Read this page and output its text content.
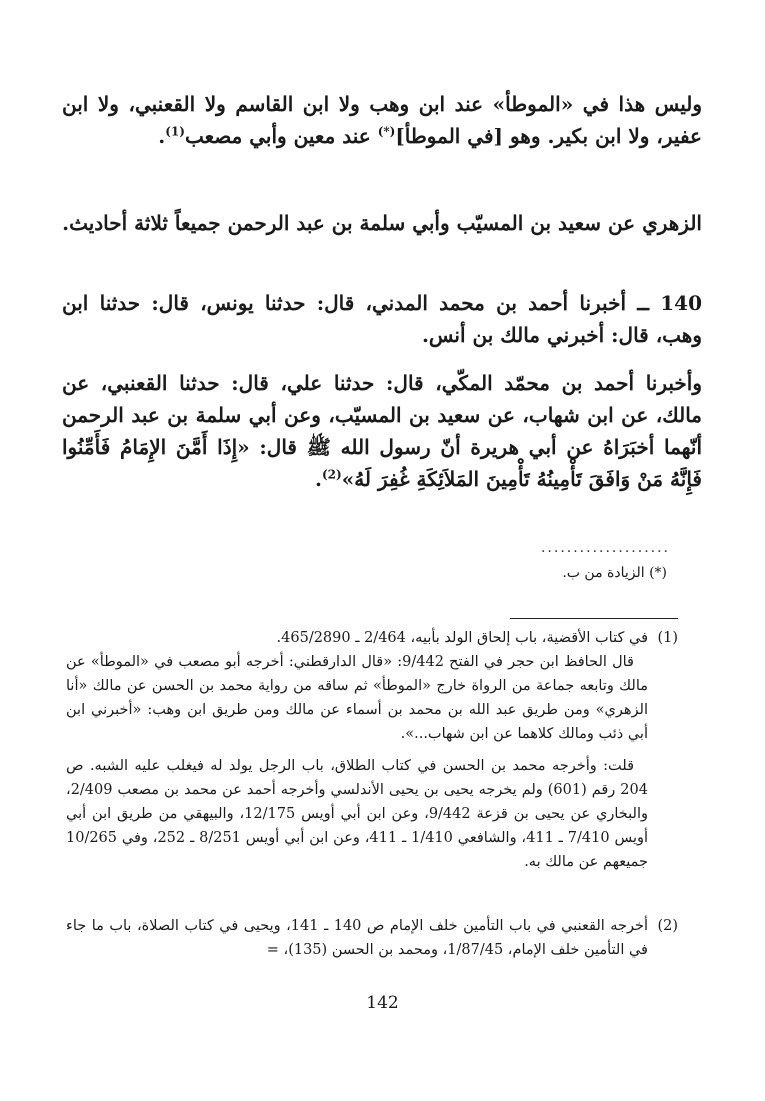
وليس هذا في «الموطأ» عند ابن وهب ولا ابن القاسم ولا القعنبي، ولا ابن عفير، ولا ابن بكير. وهو [في الموطأ](*) عند معين وأبي مصعب$^{(1)}$.

الزهري عن سعيد بن المسيّب وأبي سلمة بن عبد الرحمن جميعاً ثلاثة أحاديث.

140 ــ أخبرنا أحمد بن محمد المدني، قال: حدثنا يونس، قال: حدثنا ابن وهب، قال: أخبرني مالك بن أنس.

وأخبرنا أحمد بن محمّد المكّي، قال: حدثنا علي، قال: حدثنا القعنبي، عن مالك، عن ابن شهاب، عن سعيد بن المسيّب، وعن أبي سلمة بن عبد الرحمن أنّهما أخبَرَاهُ عن أبي هريرة أنّ رسول الله ﷺ قال: «إِذَا أَمَّنَ الإِمَامُ فَأَمِّنُوا فَإِنَّهُ مَنْ وَافَقَ تَأْمِينُهُ تَأْمِينَ المَلاَئِكَةِ غُفِرَ لَهُ»$^{(2)}$.

....................
(*) الزيادة من ب.

(1)
في كتاب الأقضية، باب إلحاق الولد بأبيه، 2/464 ـ 465/2890.

قال الحافظ ابن حجر في الفتح 9/442: «قال الدارقطني: أخرجه أبو مصعب في «الموطأ» عن مالك وتابعه جماعة من الرواة خارج «الموطأ» ثم ساقه من رواية محمد بن الحسن عن مالك «أنا الزهري» ومن طريق عبد الله بن محمد بن أسماء عن مالك ومن طريق ابن وهب: «أخبرني ابن أبي ذئب ومالك كلاهما عن ابن شهاب...».

قلت: وأخرجه محمد بن الحسن في كتاب الطلاق، باب الرجل يولد له فيغلب عليه الشبه. ص 204 رقم (601) ولم يخرجه يحيى بن يحيى الأندلسي وأخرجه أحمد عن محمد بن مصعب 2/409، والبخاري عن يحيى بن قزعة 9/442، وعن ابن أبي أويس 12/175، والبيهقي من طريق ابن أبي أويس 7/410 ـ 411، والشافعي 1/410 ـ 411، وعن ابن أبي أويس 8/251 ـ 252، وفي 10/265 جميعهم عن مالك به.

(2)
أخرجه القعنبي في باب التأمين خلف الإمام ص 140 ـ 141، ويحيى في كتاب الصلاة، باب ما جاء في التأمين خلف الإمام، 1/87/45، ومحمد بن الحسن (135)، =

142
